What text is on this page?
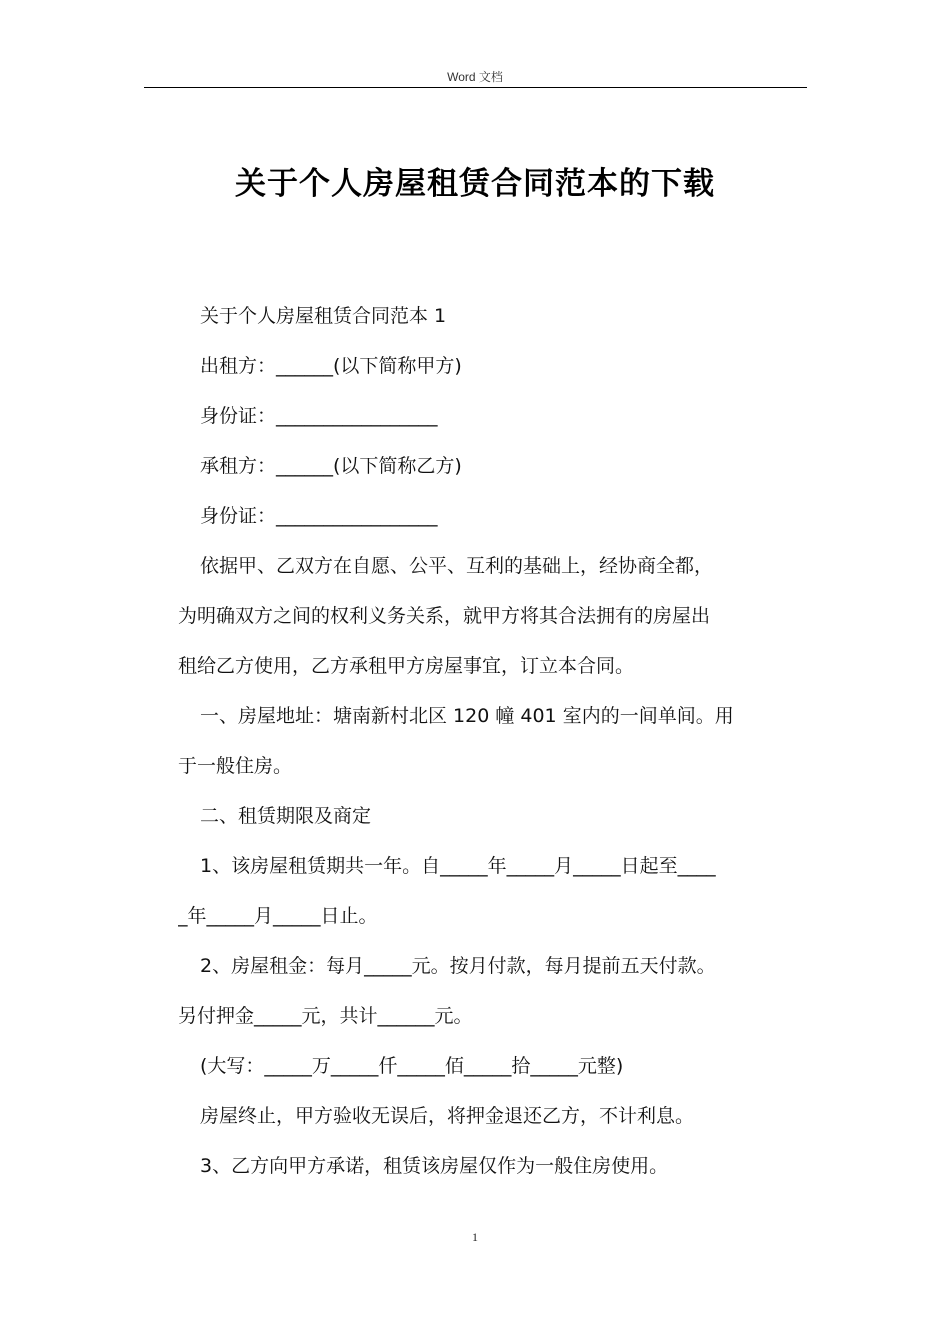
Word 文档
关于个人房屋租赁合同范本的下载

关于个人房屋租赁合同范本 1

出租方：______(以下简称甲方)

身份证：_________________

承租方：______(以下简称乙方)

身份证：_________________

依据甲、乙双方在自愿、公平、互利的基础上，经协商全都，

为明确双方之间的权利义务关系，就甲方将其合法拥有的房屋出

租给乙方使用，乙方承租甲方房屋事宜，订立本合同。

一、房屋地址：塘南新村北区 120 幢 401 室内的一间单间。用

于一般住房。

二、租赁期限及商定

1、该房屋租赁期共一年。自_____年_____月_____日起至____

_年_____月_____日止。

2、房屋租金：每月_____元。按月付款，每月提前五天付款。

另付押金_____元，共计______元。

(大写：_____万_____仟_____佰_____拾_____元整)

房屋终止，甲方验收无误后，将押金退还乙方，不计利息。

3、乙方向甲方承诺，租赁该房屋仅作为一般住房使用。

1
